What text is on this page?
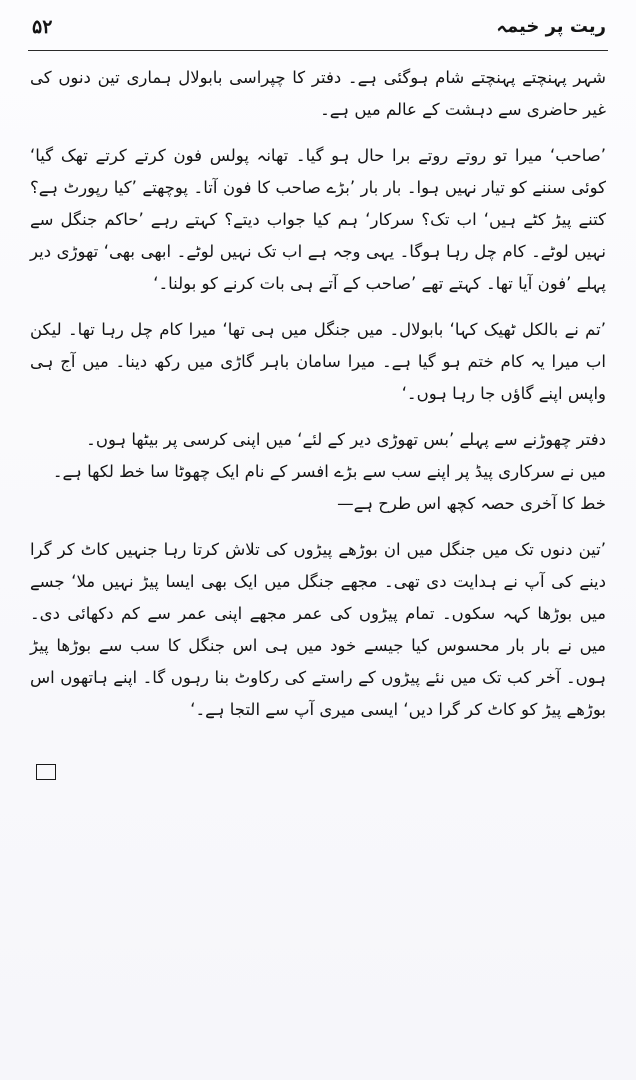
۵۲	ریت پر خیمہ

شہر پہنچتے پہنچتے شام ہوگئی ہے۔ دفتر کا چپراسی بابولال ہماری تین دنوں کی غیر حاضری سے دہشت کے عالم میں ہے۔

’صاحب‘ میرا تو روتے روتے برا حال ہو گیا۔ تھانہ پولس فون کرتے کرتے تھک گیا‘ کوئی سننے کو تیار نہیں ہوا۔ بار بار ’بڑے صاحب کا فون آتا۔ پوچھتے ’کیا رپورٹ ہے؟ کتنے پیڑ کٹے ہیں‘ اب تک؟ سرکار‘ ہم کیا جواب دیتے؟ کہتے رہے ’حاکم جنگل سے نہیں لوٹے۔ کام چل رہا ہوگا۔ یہی وجہ ہے اب تک نہیں لوٹے۔ ابھی بھی‘ تھوڑی دیر پہلے ’فون آیا تھا۔ کہتے تھے ’صاحب کے آتے ہی بات کرنے کو بولنا۔‘

’تم نے بالکل ٹھیک کہا‘ بابولال۔ میں جنگل میں ہی تھا‘ میرا کام چل رہا تھا۔ لیکن اب میرا یہ کام ختم ہو گیا ہے۔ میرا سامان باہر گاڑی میں رکھ دینا۔ میں آج ہی واپس اپنے گاؤں جا رہا ہوں۔‘

دفتر چھوڑنے سے پہلے ’بس تھوڑی دیر کے لئے‘ میں اپنی کرسی پر بیٹھا ہوں۔

میں نے سرکاری پیڈ پر اپنے سب سے بڑے افسر کے نام ایک چھوٹا سا خط لکھا ہے۔

خط کا آخری حصہ کچھ اس طرح ہے—

’تین دنوں تک میں جنگل میں ان بوڑھے پیڑوں کی تلاش کرتا رہا جنہیں کاٹ کر گرا دینے کی آپ نے ہدایت دی تھی۔ مجھے جنگل میں ایک بھی ایسا پیڑ نہیں ملا‘ جسے میں بوڑھا کہہ سکوں۔ تمام پیڑوں کی عمر مجھے اپنی عمر سے کم دکھائی دی۔ میں نے بار بار محسوس کیا جیسے خود میں ہی اس جنگل کا سب سے بوڑھا پیڑ ہوں۔ آخر کب تک میں نئے پیڑوں کے راستے کی رکاوٹ بنا رہوں گا۔ اپنے ہاتھوں اس بوڑھے پیڑ کو کاٹ کر گرا دیں‘ ایسی میری آپ سے التجا ہے۔‘
